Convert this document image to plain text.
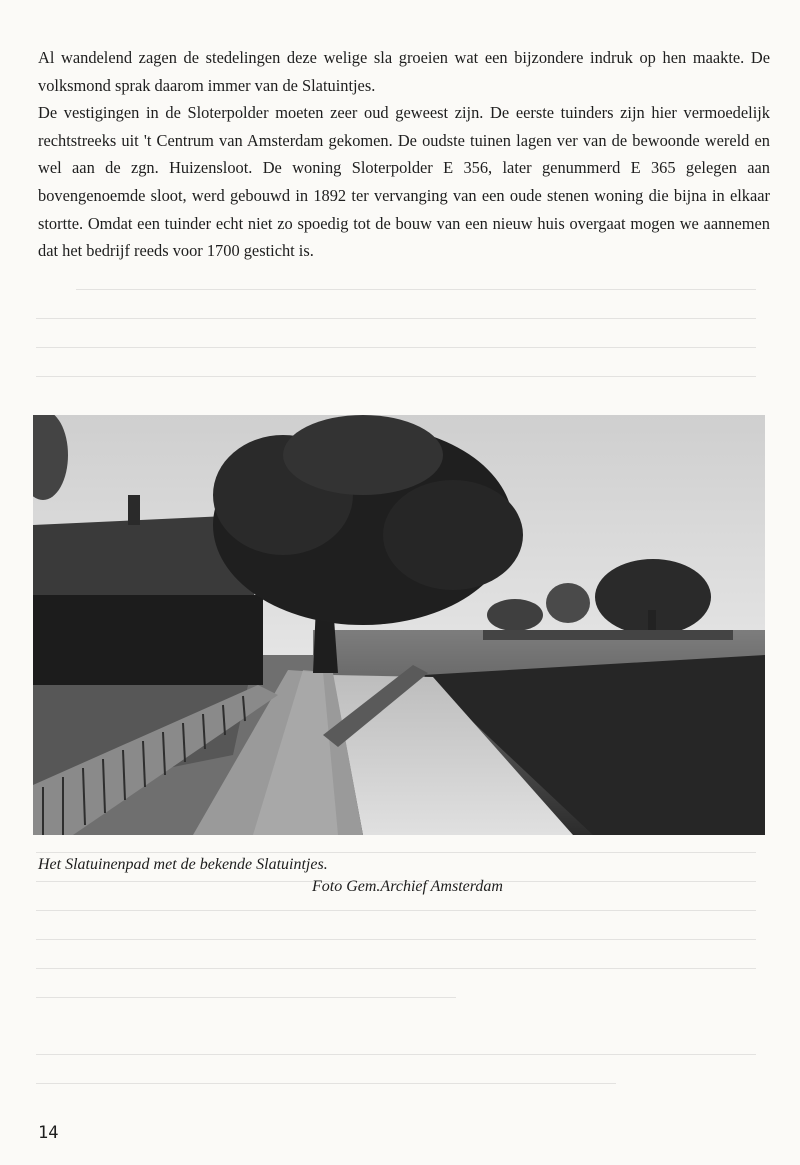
Al wandelend zagen de stedelingen deze welige sla groeien wat een bijzondere indruk op hen maakte. De volksmond sprak daarom immer van de Slatuintjes.

De vestigingen in de Sloterpolder moeten zeer oud geweest zijn. De eerste tuinders zijn hier vermoedelijk rechtstreeks uit 't Centrum van Amsterdam gekomen. De oudste tuinen lagen ver van de bewoonde wereld en wel aan de zgn. Huizensloot. De woning Sloterpolder E 356, later genummerd E 365 gelegen aan bovengenoemde sloot, werd gebouwd in 1892 ter vervanging van een oude stenen woning die bijna in elkaar stortte. Omdat een tuinder echt niet zo spoedig tot de bouw van een nieuw huis overgaat mogen we aannemen dat het bedrijf reeds voor 1700 gesticht is.

Het Slatuinenpad met de bekende Slatuintjes.
Foto Gem.Archief Amsterdam
14
